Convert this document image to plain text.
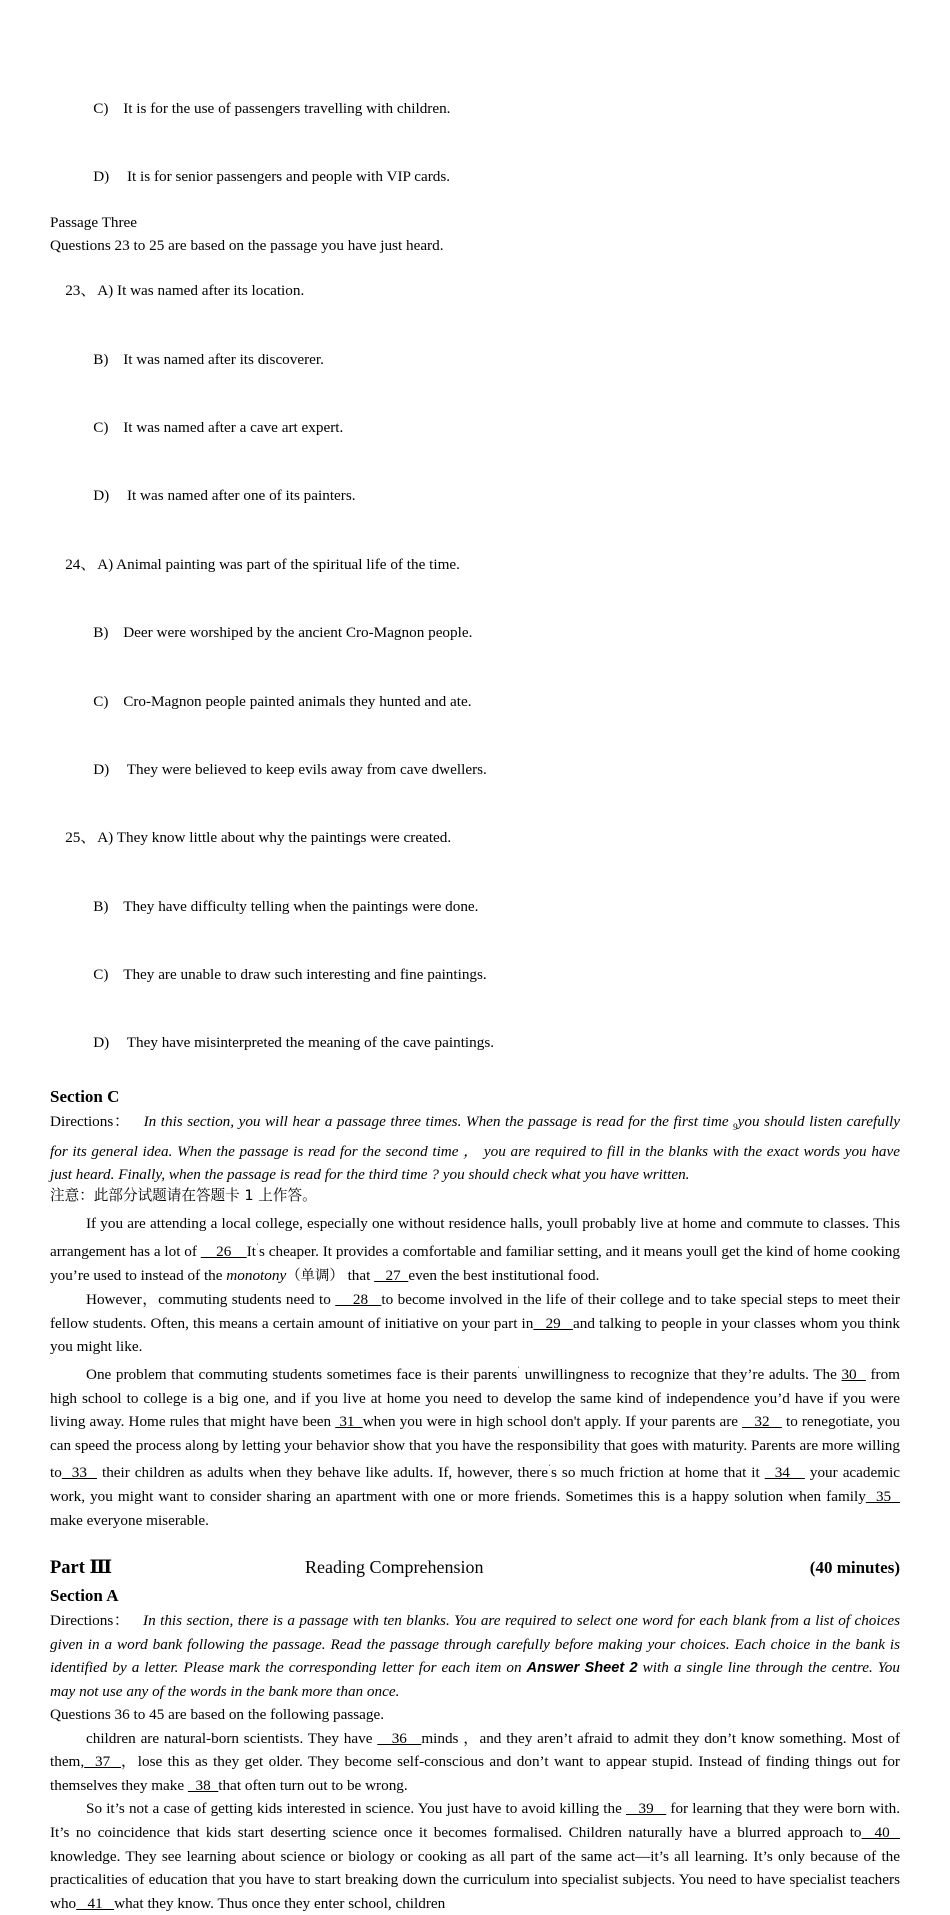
C) It is for the use of passengers travelling with children.

D) It is for senior passengers and people with VIP cards.

Passage Three
Questions 23 to 25 are based on the passage you have just heard.

23、 A) It was named after its location.

B) It was named after its discoverer.

C) It was named after a cave art expert.

D) It was named after one of its painters.

24、 A) Animal painting was part of the spiritual life of the time.

B) Deer were worshiped by the ancient Cro-Magnon people.

C) Cro-Magnon people painted animals they hunted and ate.

D) They were believed to keep evils away from cave dwellers.

25、 A) They know little about why the paintings were created.

B) They have difficulty telling when the paintings were done.

C) They are unable to draw such interesting and fine paintings.

D) They have misinterpreted the meaning of the cave paintings.

Section C
Directions： In this section, you will hear a passage three times. When the passage is read for the first time $_9$you should listen carefully for its general idea. When the passage is read for the second time ， you are required to fill in the blanks with the exact words you have just heard. Finally, when the passage is read for the third time ? you should check what you have written.
注意：此部分试题请在答题卡 1 上作答。

If you are attending a local college, especially one without residence halls, youll probably live at home and commute to classes. This arrangement has a lot of     26    $It^ˈs$ cheaper. It provides a comfortable and familiar setting, and it means youll get the kind of home cooking you’re used to instead of the monotony（单调） that    27  even the best institutional food.

However，commuting students need to     28   to become involved in the life of their college and to take special steps to meet their fellow students. Often, this means a certain amount of initiative on your part in   29   and talking to people in your classes whom you think you might like.

One problem that commuting students sometimes face is their parents$^ˈ$ unwillingness to recognize that they’re adults. The 30   from high school to college is a big one, and if you live at home you need to develop the same kind of independence you’d have if you were living away. Home rules that might have been  31  when you were in high school don't apply. If your parents are    32    to renegotiate, you can speed the process along by letting your behavior show that you have the responsibility that goes with maturity. Parents are more willing to  33   their children as adults when they behave like adults. If, however, there$^ˈ$s so much friction at home that it   34    your academic work, you might want to consider sharing an apartment with one or more friends. Sometimes this is a happy solution when family  35   make everyone miserable.

Part Ⅲ	Reading Comprehension	(40 minutes)
Section A
Directions： In this section, there is a passage with ten blanks. You are required to select one word for each blank from a list of choices given in a word bank following the passage. Read the passage through carefully before making your choices. Each choice in the bank is identified by a letter. Please mark the corresponding letter for each item on Answer Sheet 2 with a single line through the centre. You may not use any of the words in the bank more than once.
Questions 36 to 45 are based on the following passage.

children are natural-born scientists. They have    36   minds ，and they aren’t afraid to admit they don’t know something. Most of them,  37  ，lose this as they get older. They become self-conscious and don’t want to appear stupid. Instead of finding things out for themselves they make   38  that often turn out to be wrong.

So it’s not a case of getting kids interested in science. You just have to avoid killing the    39    for learning that they were born with. It’s no coincidence that kids start deserting science once it becomes formalised. Children naturally have a blurred approach to  40   knowledge. They see learning about science or biology or cooking as all part of the same act—it’s all learning. It’s only because of the practicalities of education that you have to start breaking down the curriculum into specialist subjects. You need to have specialist teachers who   41   what they know. Thus once they enter school, children
